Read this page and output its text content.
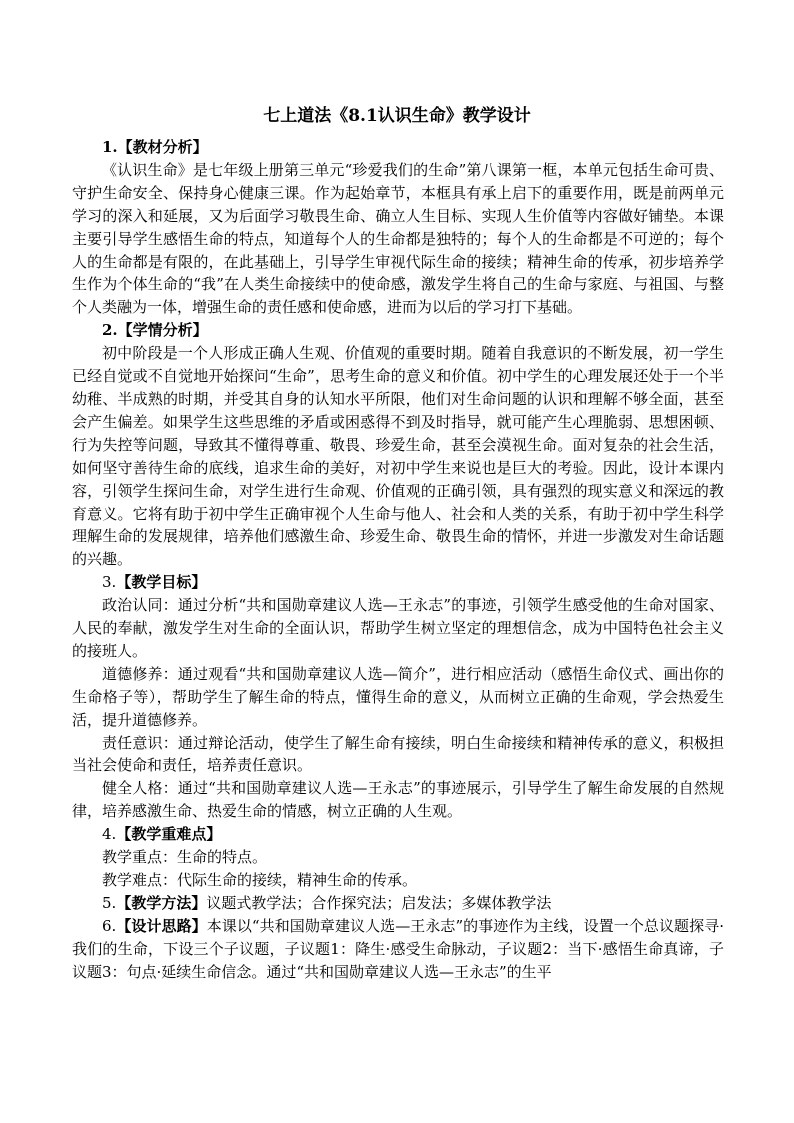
七上道法《8.1认识生命》教学设计

1.【教材分析】

《认识生命》是七年级上册第三单元“珍爱我们的生命”第八课第一框，本单元包括生命可贵、守护生命安全、保持身心健康三课。作为起始章节，本框具有承上启下的重要作用，既是前两单元学习的深入和延展，又为后面学习敬畏生命、确立人生目标、实现人生价值等内容做好铺垫。本课主要引导学生感悟生命的特点，知道每个人的生命都是独特的；每个人的生命都是不可逆的；每个人的生命都是有限的，在此基础上，引导学生审视代际生命的接续；精神生命的传承，初步培养学生作为个体生命的“我”在人类生命接续中的使命感，激发学生将自己的生命与家庭、与祖国、与整个人类融为一体，增强生命的责任感和使命感，进而为以后的学习打下基础。

2.【学情分析】

初中阶段是一个人形成正确人生观、价值观的重要时期。随着自我意识的不断发展，初一学生已经自觉或不自觉地开始探问“生命”，思考生命的意义和价值。初中学生的心理发展还处于一个半幼稚、半成熟的时期，并受其自身的认知水平所限，他们对生命问题的认识和理解不够全面，甚至会产生偏差。如果学生这些思维的矛盾或困惑得不到及时指导，就可能产生心理脆弱、思想困顿、行为失控等问题，导致其不懂得尊重、敬畏、珍爱生命，甚至会漠视生命。面对复杂的社会生活，如何坚守善待生命的底线，追求生命的美好，对初中学生来说也是巨大的考验。因此，设计本课内容，引领学生探问生命，对学生进行生命观、价值观的正确引领，具有强烈的现实意义和深远的教育意义。它将有助于初中学生正确审视个人生命与他人、社会和人类的关系，有助于初中学生科学理解生命的发展规律，培养他们感激生命、珍爱生命、敬畏生命的情怀，并进一步激发对生命话题的兴趣。

3.【教学目标】

政治认同：通过分析“共和国勋章建议人选—王永志”的事迹，引领学生感受他的生命对国家、人民的奉献，激发学生对生命的全面认识，帮助学生树立坚定的理想信念，成为中国特色社会主义的接班人。

道德修养：通过观看“共和国勋章建议人选—简介”，进行相应活动（感悟生命仪式、画出你的生命格子等），帮助学生了解生命的特点，懂得生命的意义，从而树立正确的生命观，学会热爱生活，提升道德修养。

责任意识：通过辩论活动，使学生了解生命有接续，明白生命接续和精神传承的意义，积极担当社会使命和责任，培养责任意识。

健全人格：通过“共和国勋章建议人选—王永志”的事迹展示，引导学生了解生命发展的自然规律，培养感激生命、热爱生命的情感，树立正确的人生观。

4.【教学重难点】

教学重点：生命的特点。

教学难点：代际生命的接续，精神生命的传承。

5.【教学方法】议题式教学法；合作探究法；启发法；多媒体教学法

6.【设计思路】本课以“共和国勋章建议人选—王永志”的事迹作为主线，设置一个总议题探寻·我们的生命，下设三个子议题，子议题1：降生·感受生命脉动，子议题2：当下·感悟生命真谛，子议题3：句点·延续生命信念。通过“共和国勋章建议人选—王永志”的生平
